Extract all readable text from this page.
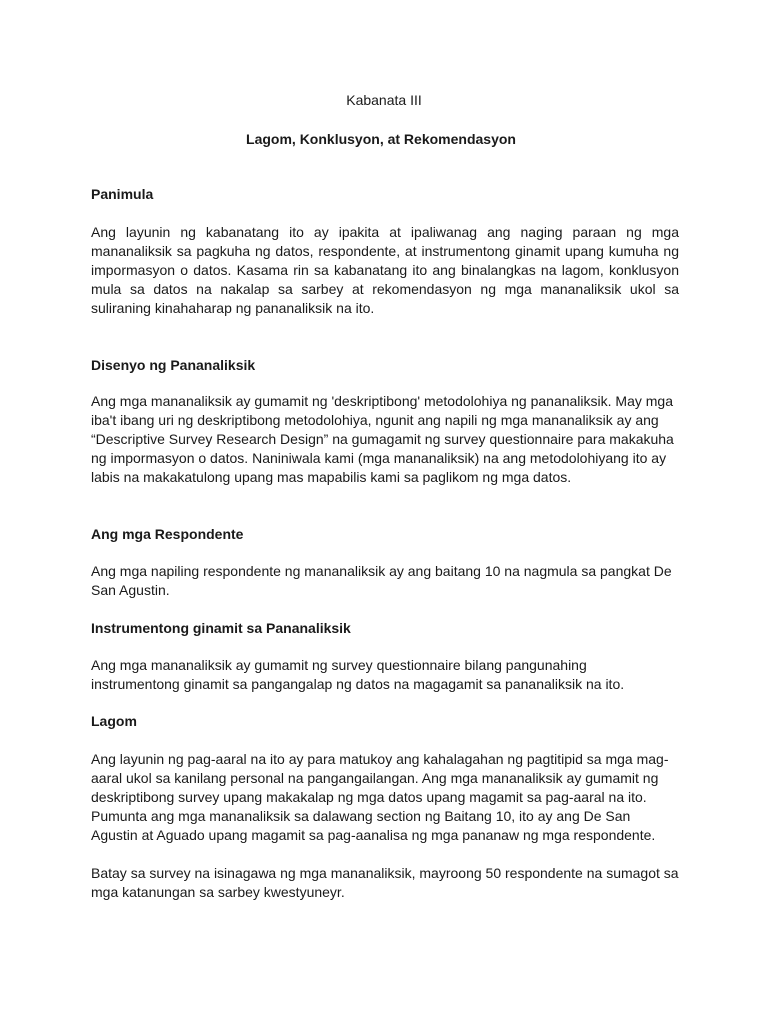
Kabanata III
Lagom, Konklusyon, at Rekomendasyon
Panimula
Ang layunin ng kabanatang ito ay ipakita at ipaliwanag ang naging paraan ng mga mananaliksik sa pagkuha ng datos, respondente, at instrumentong ginamit upang kumuha ng impormasyon o datos. Kasama rin sa kabanatang ito ang binalangkas na lagom, konklusyon mula sa datos na nakalap sa sarbey at rekomendasyon ng mga mananaliksik ukol sa suliraning kinahaharap ng pananaliksik na ito.
Disenyo ng Pananaliksik
Ang mga mananaliksik ay gumamit ng 'deskriptibong' metodolohiya ng pananaliksik. May mga iba't ibang uri ng deskriptibong metodolohiya, ngunit ang napili ng mga mananaliksik ay ang “Descriptive Survey Research Design” na gumagamit ng survey questionnaire para makakuha ng impormasyon o datos. Naniniwala kami (mga mananaliksik) na ang metodolohiyang ito ay labis na makakatulong upang mas mapabilis kami sa paglikom ng mga datos.
Ang mga Respondente
Ang mga napiling respondente ng mananaliksik ay ang baitang 10 na nagmula sa pangkat De San Agustin.
Instrumentong ginamit sa Pananaliksik
Ang mga mananaliksik ay gumamit ng survey questionnaire bilang pangunahing instrumentong ginamit sa pangangalap ng datos na magagamit sa pananaliksik na ito.
Lagom
Ang layunin ng pag-aaral na ito ay para matukoy ang kahalagahan ng pagtitipid sa mga mag-aaral ukol sa kanilang personal na pangangailangan. Ang mga mananaliksik ay gumamit ng deskriptibong survey upang makakalap ng mga datos upang magamit sa pag-aaral na ito. Pumunta ang mga mananaliksik sa dalawang section ng Baitang 10, ito ay ang De San Agustin at Aguado upang magamit sa pag-aanalisa ng mga pananaw ng mga respondente.
Batay sa survey na isinagawa ng mga mananaliksik, mayroong 50 respondente na sumagot sa mga katanungan sa sarbey kwestyuneyr.
